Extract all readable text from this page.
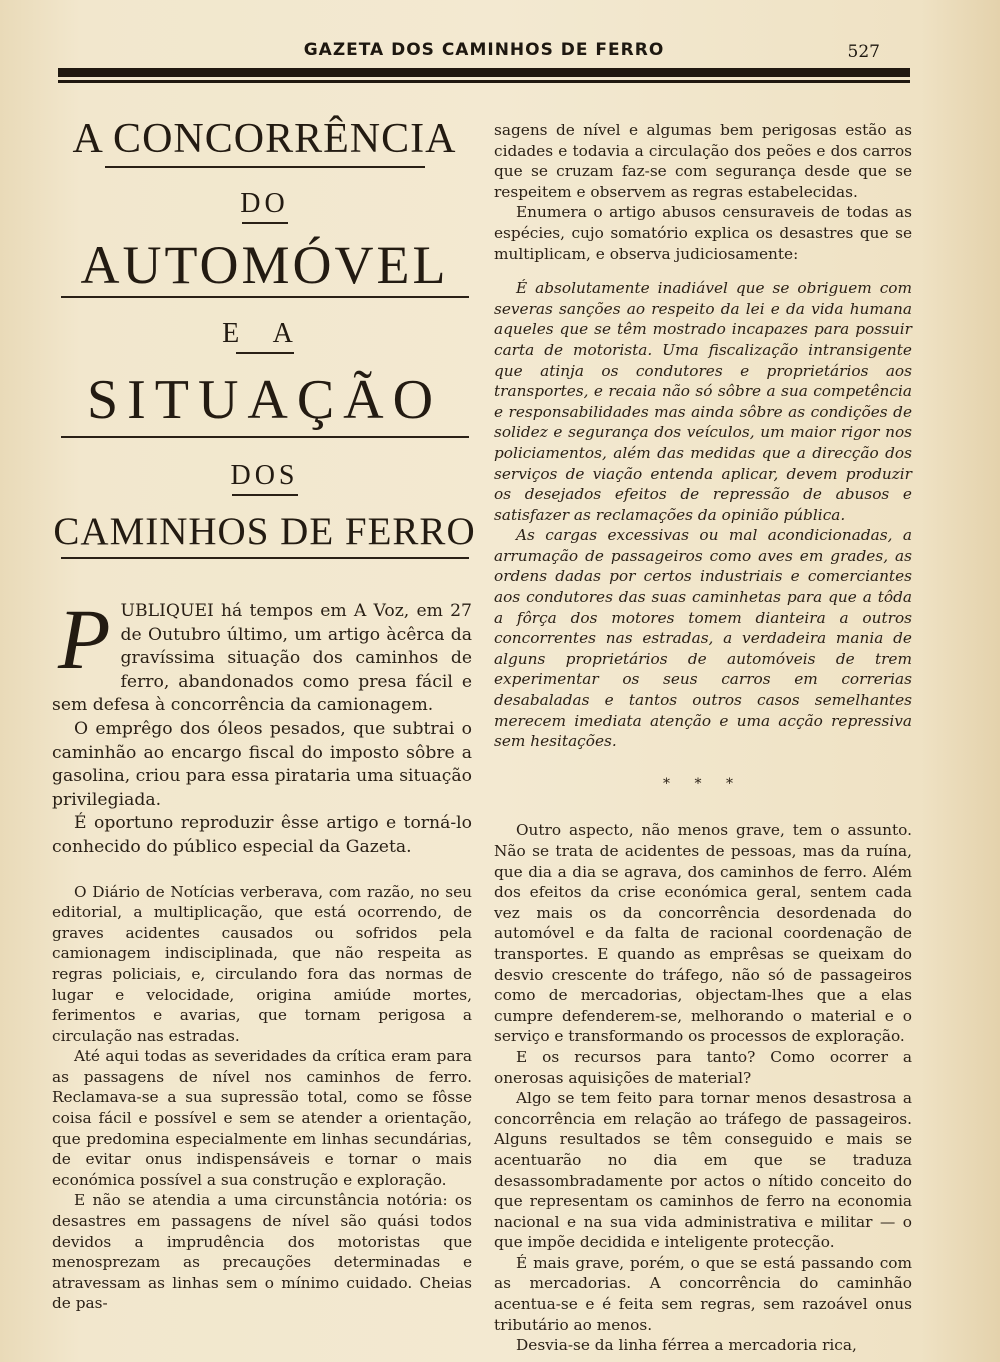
GAZETA DOS CAMINHOS DE FERRO	527
A CONCORRÊNCIA
DO
AUTOMÓVEL
E A
SITUAÇÃO
DOS
CAMINHOS DE FERRO
P UBLIQUEI há tempos em A Voz, em 27 de Outubro último, um artigo àcêrca da gravíssima situação dos caminhos de ferro, abandonados como presa fácil e sem defesa à concorrência da camionagem.

O emprêgo dos óleos pesados, que subtrai o caminhão ao encargo fiscal do imposto sôbre a gasolina, criou para essa pirataria uma situação privilegiada.

É oportuno reproduzir êsse artigo e torná-lo conhecido do público especial da Gazeta.

O Diário de Notícias verberava, com razão, no seu editorial, a multiplicação, que está ocorrendo, de graves acidentes causados ou sofridos pela camionagem indisciplinada, que não respeita as regras policiais, e, circulando fora das normas de lugar e velocidade, origina amiúde mortes, ferimentos e avarias, que tornam perigosa a circulação nas estradas.

Até aqui todas as severidades da crítica eram para as passagens de nível nos caminhos de ferro. Reclamava-se a sua supressão total, como se fôsse coisa fácil e possível e sem se atender a orientação, que predomina especialmente em linhas secundárias, de evitar onus indispensáveis e tornar o mais económica possível a sua construção e exploração.

E não se atendia a uma circunstância notória: os desastres em passagens de nível são quási todos devidos a imprudência dos motoristas que menosprezam as precauções determinadas e atravessam as linhas sem o mínimo cuidado. Cheias de pas-

sagens de nível e algumas bem perigosas estão as cidades e todavia a circulação dos peões e dos carros que se cruzam faz-se com segurança desde que se respeitem e observem as regras estabelecidas.

Enumera o artigo abusos censuraveis de todas as espécies, cujo somatório explica os desastres que se multiplicam, e observa judiciosamente:

É absolutamente inadiável que se obriguem com severas sanções ao respeito da lei e da vida humana aqueles que se têm mostrado incapazes para possuir carta de motorista. Uma fiscalização intransigente que atinja os condutores e proprietários aos transportes, e recaia não só sôbre a sua competência e responsabilidades mas ainda sôbre as condições de solidez e segurança dos veículos, um maior rigor nos policiamentos, além das medidas que a direcção dos serviços de viação entenda aplicar, devem produzir os desejados efeitos de repressão de abusos e satisfazer as reclamações da opinião pública.

As cargas excessivas ou mal acondicionadas, a arrumação de passageiros como aves em grades, as ordens dadas por certos industriais e comerciantes aos condutores das suas caminhetas para que a tôda a fôrça dos motores tomem dianteira a outros concorrentes nas estradas, a verdadeira mania de alguns proprietários de automóveis de trem experimentar os seus carros em correrias desabaladas e tantos outros casos semelhantes merecem imediata atenção e uma acção repressiva sem hesitações.

* * *

Outro aspecto, não menos grave, tem o assunto. Não se trata de acidentes de pessoas, mas da ruína, que dia a dia se agrava, dos caminhos de ferro. Além dos efeitos da crise económica geral, sentem cada vez mais os da concorrência desordenada do automóvel e da falta de racional coordenação de transportes. E quando as emprêsas se queixam do desvio crescente do tráfego, não só de passageiros como de mercadorias, objectam-lhes que a elas cumpre defenderem-se, melhorando o material e o serviço e transformando os processos de exploração.

E os recursos para tanto? Como ocorrer a onerosas aquisições de material?

Algo se tem feito para tornar menos desastrosa a concorrência em relação ao tráfego de passageiros. Alguns resultados se têm conseguido e mais se acentuarão no dia em que se traduza desassombradamente por actos o nítido conceito do que representam os caminhos de ferro na economia nacional e na sua vida administrativa e militar — o que impõe decidida e inteligente protecção.

É mais grave, porém, o que se está passando com as mercadorias. A concorrência do caminhão acentua-se e é feita sem regras, sem razoável onus tributário ao menos.

Desvia-se da linha férrea a mercadoria rica,
